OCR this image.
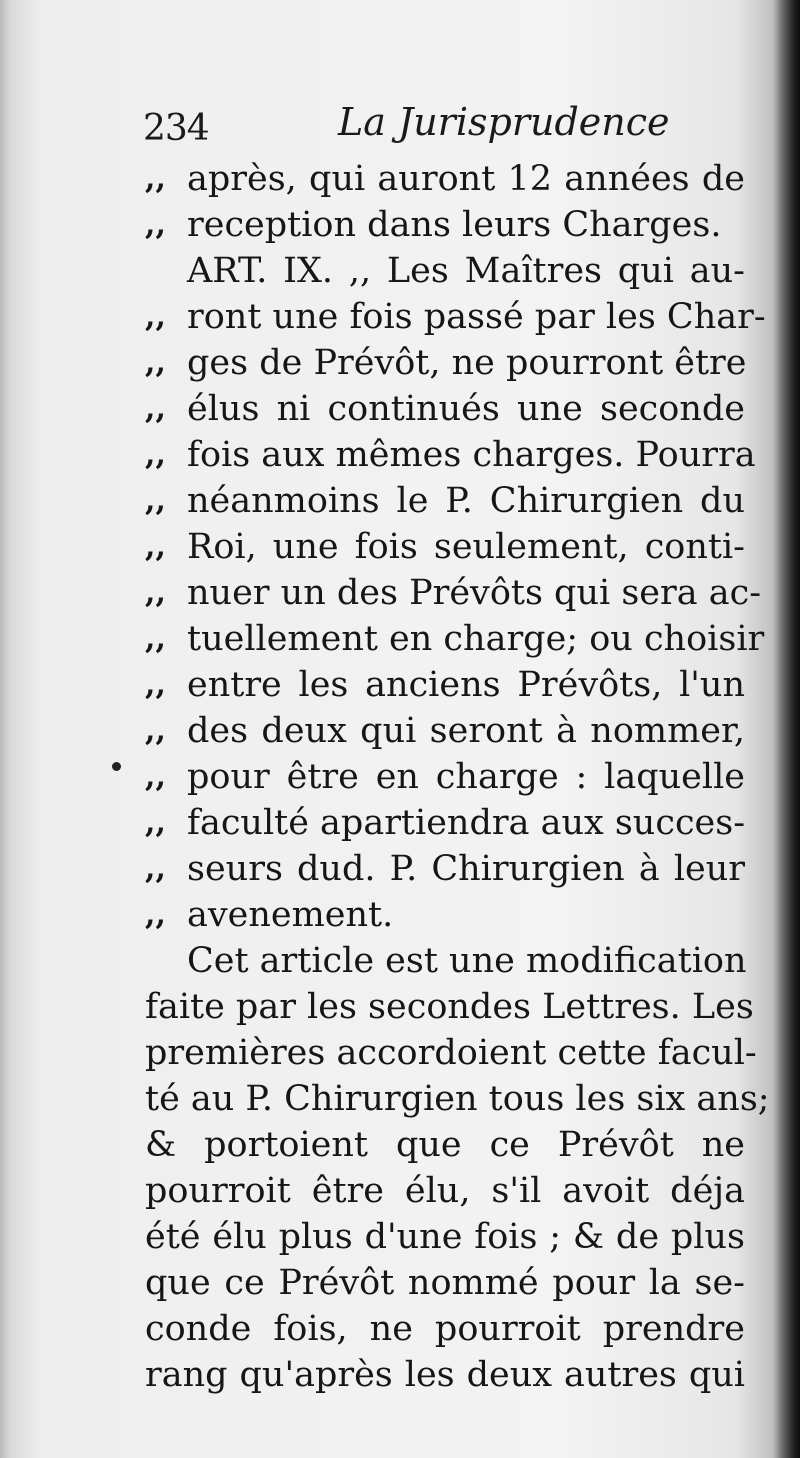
234	La Jurisprudence
,, après, qui auront 12 années de
,, reception dans leurs Charges.
ART. IX. ,, Les Maîtres qui au-
,, ront une fois passé par les Char-
,, ges de Prévôt, ne pourront être
,, élus ni continués une seconde
,, fois aux mêmes charges. Pourra
,, néanmoins le P. Chirurgien du
,, Roi, une fois seulement, conti-
,, nuer un des Prévôts qui sera ac-
,, tuellement en charge; ou choisir
,, entre les anciens Prévôts, l'un
,, des deux qui seront à nommer,
,, pour être en charge : laquelle
,, faculté apartiendra aux succes-
,, seurs dud. P. Chirurgien à leur
,, avenement.
Cet article est une modification
faite par les secondes Lettres. Les
premières accordoient cette facul-
té au P. Chirurgien tous les six ans;
& portoient que ce Prévôt ne
pourroit être élu, s'il avoit déja
été élu plus d'une fois ; & de plus
que ce Prévôt nommé pour la se-
conde fois, ne pourroit prendre
rang qu'après les deux autres qui
